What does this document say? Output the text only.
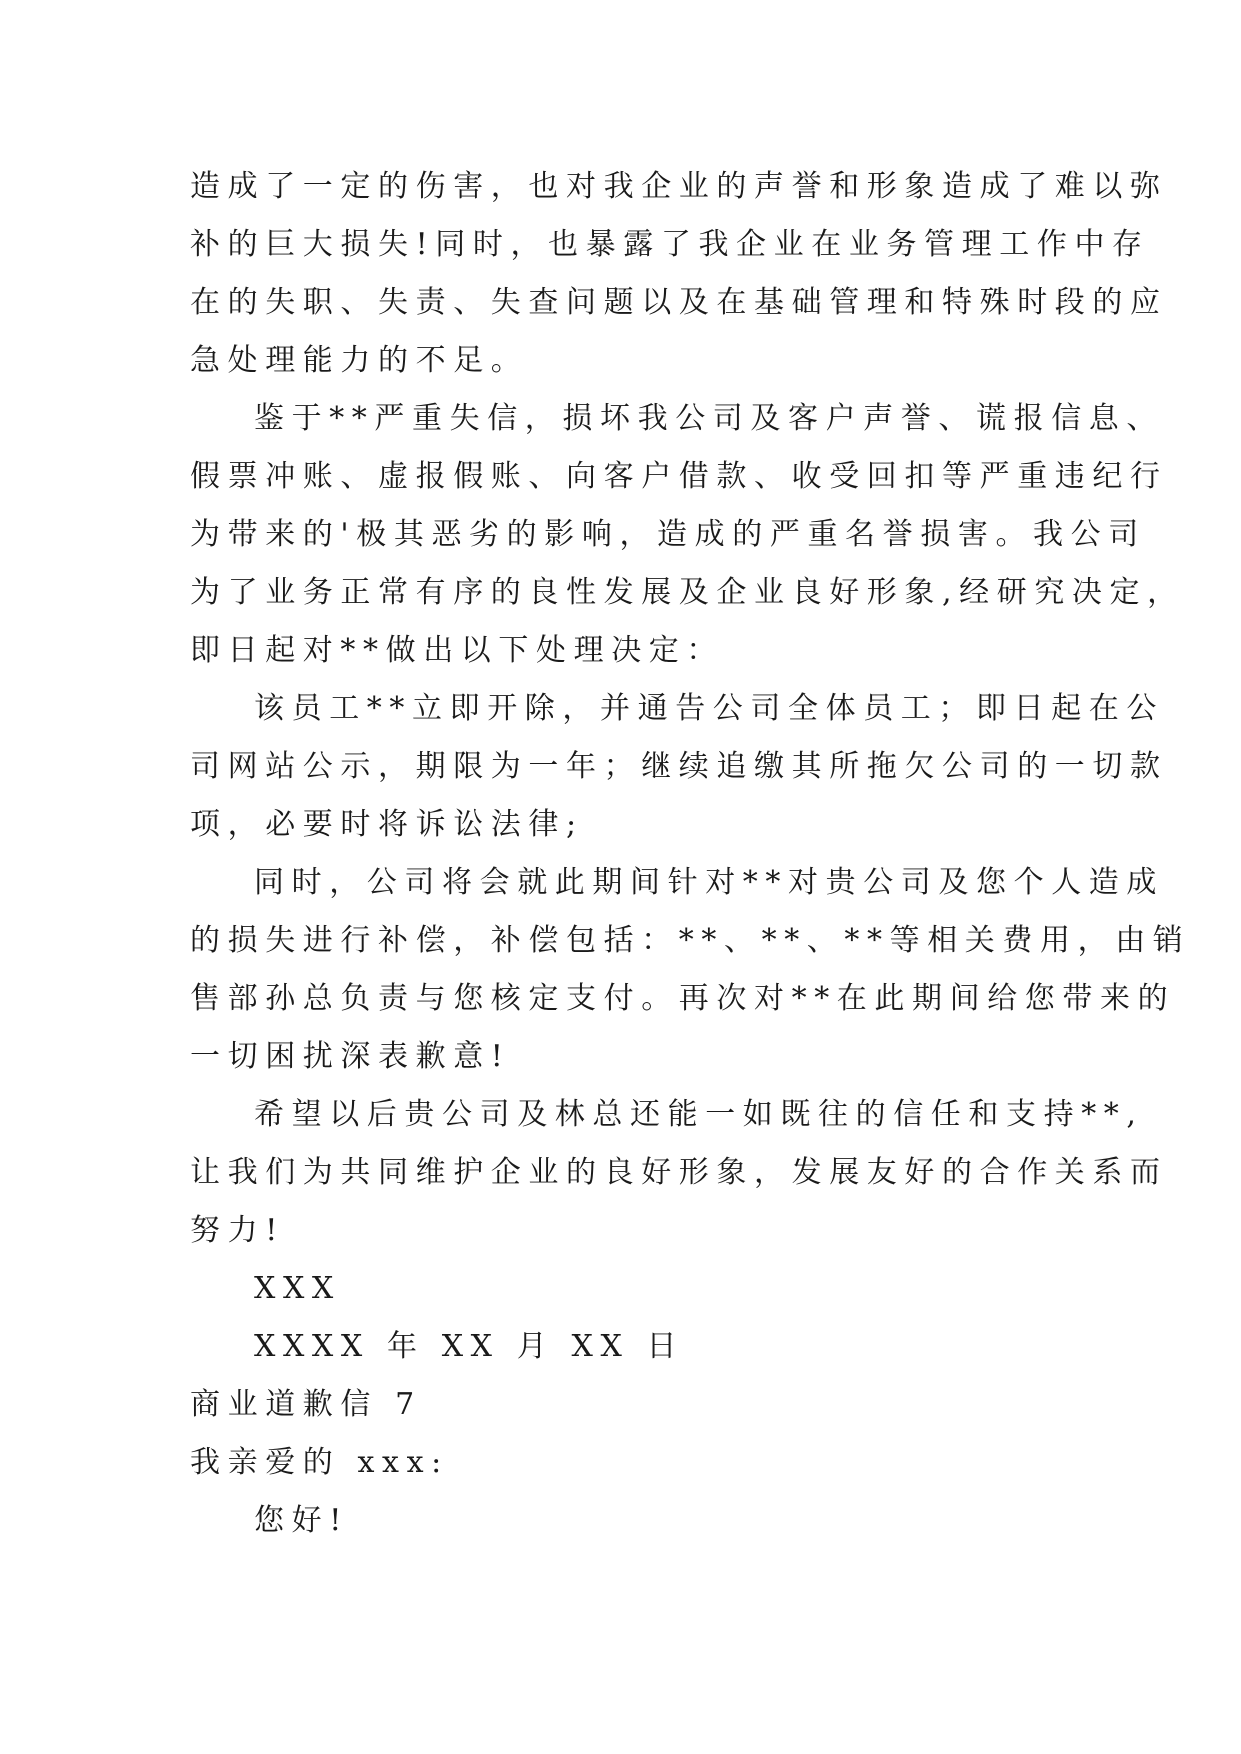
造成了一定的伤害，也对我企业的声誉和形象造成了难以弥
补的巨大损失!同时，也暴露了我企业在业务管理工作中存
在的失职、失责、失查问题以及在基础管理和特殊时段的应
急处理能力的不足。
鉴于**严重失信，损坏我公司及客户声誉、谎报信息、
假票冲账、虚报假账、向客户借款、收受回扣等严重违纪行
为带来的'极其恶劣的影响，造成的严重名誉损害。我公司
为了业务正常有序的良性发展及企业良好形象,经研究决定，
即日起对**做出以下处理决定：
该员工**立即开除，并通告公司全体员工；即日起在公
司网站公示，期限为一年；继续追缴其所拖欠公司的一切款
项，必要时将诉讼法律;
同时，公司将会就此期间针对**对贵公司及您个人造成
的损失进行补偿，补偿包括：**、**、**等相关费用，由销
售部孙总负责与您核定支付。再次对**在此期间给您带来的
一切困扰深表歉意!
希望以后贵公司及林总还能一如既往的信任和支持**,
让我们为共同维护企业的良好形象，发展友好的合作关系而
努力!
XXX
XXXX 年 XX 月 XX 日
商业道歉信 7
我亲爱的 xxx:
您好!
